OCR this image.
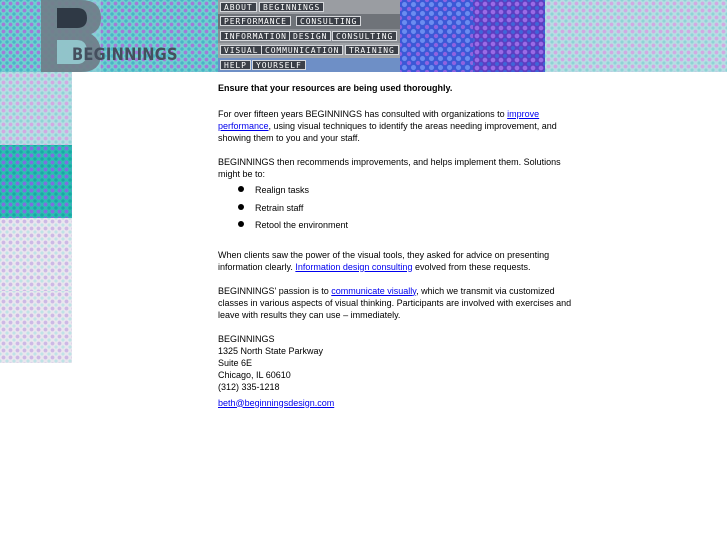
BEGINNINGS
ABOUT	BEGINNINGS
PERFORMANCE	CONSULTING
INFORMATION DESIGN	CONSULTING
VISUAL COMMUNICATION	TRAINING
HELP	YOURSELF

Ensure that your resources are being used thoroughly.

For over fifteen years BEGINNINGS has consulted with organizations to improve performance, using visual techniques to identify the areas needing improvement, and showing them to you and your staff.

BEGINNINGS then recommends improvements, and helps implement them. Solutions might be to:

Realign tasks
Retrain staff
Retool the environment

When clients saw the power of the visual tools, they asked for advice on presenting information clearly. Information design consulting evolved from these requests.

BEGINNINGS' passion is to communicate visually, which we transmit via customized classes in various aspects of visual thinking. Participants are involved with exercises and leave with results they can use – immediately.

BEGINNINGS

1325 North State Parkway

Suite 6E

Chicago, IL 60610

(312) 335-1218

beth@beginningsdesign.com
